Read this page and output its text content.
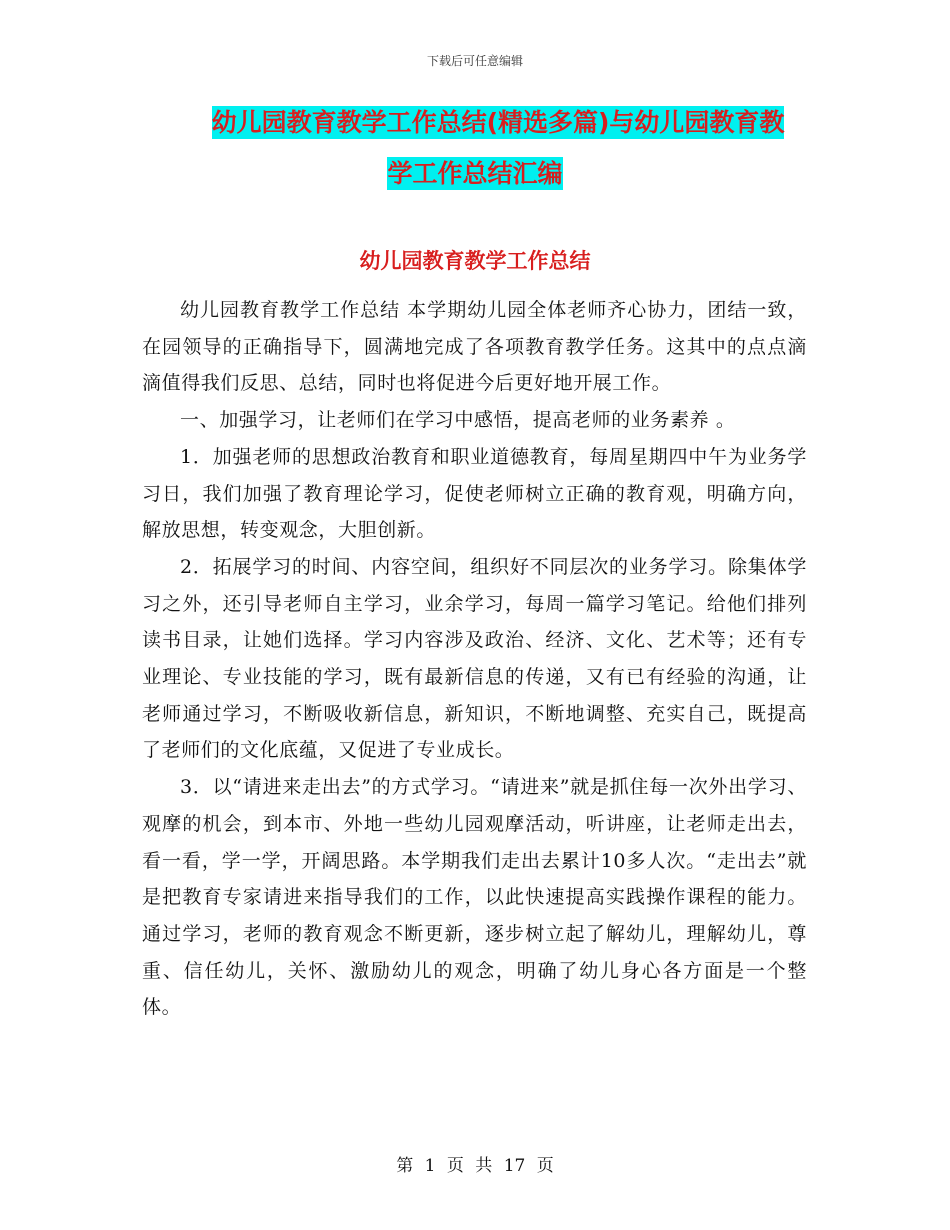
下载后可任意编辑
幼儿园教育教学工作总结(精选多篇)与幼儿园教育教
学工作总结汇编
幼儿园教育教学工作总结

幼儿园教育教学工作总结 本学期幼儿园全体老师齐心协力，团结一致，在园领导的正确指导下，圆满地完成了各项教育教学任务。这其中的点点滴滴值得我们反思、总结，同时也将促进今后更好地开展工作。

一、加强学习，让老师们在学习中感悟，提高老师的业务素养 。

1．加强老师的思想政治教育和职业道德教育，每周星期四中午为业务学习日，我们加强了教育理论学习，促使老师树立正确的教育观，明确方向，解放思想，转变观念，大胆创新。

2．拓展学习的时间、内容空间，组织好不同层次的业务学习。除集体学习之外，还引导老师自主学习，业余学习，每周一篇学习笔记。给他们排列读书目录，让她们选择。学习内容涉及政治、经济、文化、艺术等；还有专业理论、专业技能的学习，既有最新信息的传递，又有已有经验的沟通，让老师通过学习，不断吸收新信息，新知识，不断地调整、充实自己，既提高了老师们的文化底蕴，又促进了专业成长。

3．以“请进来走出去”的方式学习。“请进来”就是抓住每一次外出学习、观摩的机会，到本市、外地一些幼儿园观摩活动，听讲座，让老师走出去，看一看，学一学，开阔思路。本学期我们走出去累计10多人次。“走出去”就是把教育专家请进来指导我们的工作，以此快速提高实践操作课程的能力。通过学习，老师的教育观念不断更新，逐步树立起了解幼儿，理解幼儿，尊重、信任幼儿，关怀、激励幼儿的观念，明确了幼儿身心各方面是一个整体。

第 1 页 共 17 页
